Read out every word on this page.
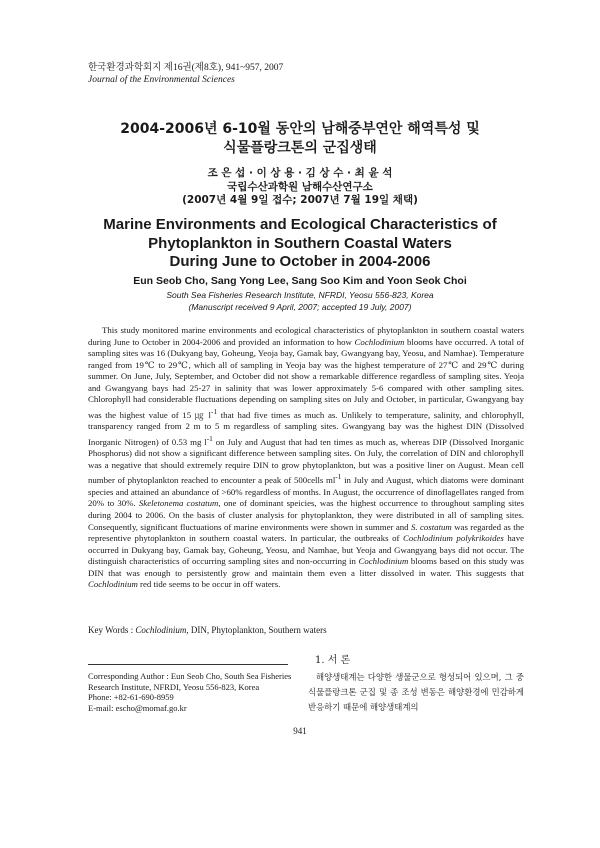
한국환경과학회지 제16권(제8호), 941~957, 2007
Journal of the Environmental Sciences
2004-2006년 6-10월 동안의 남해중부연안 해역특성 및
식물플랑크톤의 군집생태
조 은 섭 · 이 상 용 · 김 상 수 · 최 윤 석
국립수산과학원 남해수산연구소
(2007년 4월 9일 접수; 2007년 7월 19일 채택)
Marine Environments and Ecological Characteristics of
Phytoplankton in Southern Coastal Waters
During June to October in 2004-2006
Eun Seob Cho, Sang Yong Lee, Sang Soo Kim and Yoon Seok Choi
South Sea Fisheries Research Institute, NFRDI, Yeosu 556-823, Korea
(Manuscript received 9 April, 2007; accepted 19 July, 2007)
This study monitored marine environments and ecological characteristics of phytoplankton in southern coastal waters during June to October in 2004-2006 and provided an information to how Cochlodinium blooms have occurred. A total of sampling sites was 16 (Dukyang bay, Goheung, Yeoja bay, Gamak bay, Gwangyang bay, Yeosu, and Namhae). Temperature ranged from 19℃ to 29℃, which all of sampling in Yeoja bay was the highest temperature of 27℃ and 29℃ during summer. On June, July, September, and October did not show a remarkable difference regardless of sampling sites. Yeoja and Gwangyang bays had 25-27 in salinity that was lower approximately 5-6 compared with other sampling sites. Chlorophyll had considerable fluctuations depending on sampling sites on July and October, in particular, Gwangyang bay was the highest value of 15 ㎍ $l^{-1}$ that had five times as much as. Unlikely to temperature, salinity, and chlorophyll, transparency ranged from 2 m to 5 m regardless of sampling sites. Gwangyang bay was the highest DIN (Dissolved Inorganic Nitrogen) of 0.53 mg $l^{-1}$ on July and August that had ten times as much as, whereas DIP (Dissolved Inorganic Phosphorus) did not show a significant difference between sampling sites. On July, the correlation of DIN and chlorophyll was a negative that should extremely require DIN to grow phytoplankton, but was a positive liner on August. Mean cell number of phytoplankton reached to encounter a peak of 500cells $ml^{-1}$ in July and August, which diatoms were dominant species and attained an abundance of >60% regardless of months. In August, the occurrence of dinoflagellates ranged from 20% to 30%. Skeletonema costatum, one of dominant speicies, was the highest occurrence to throughout sampling sites during 2004 to 2006. On the basis of cluster analysis for phytoplankton, they were distributed in all of sampling sites. Consequently, significant fluctuations of marine environments were shown in summer and S. costatum was regarded as the representive phytoplankton in southern coastal waters. In particular, the outbreaks of Cochlodinium polykrikoides have occurred in Dukyang bay, Gamak bay, Goheung, Yeosu, and Namhae, but Yeoja and Gwangyang bays did not occur. The distinguish characteristics of occurring sampling sites and non-occurring in Cochlodinium blooms based on this study was DIN that was enough to persistently grow and maintain them even a litter dissolved in water. This suggests that Cochlodinium red tide seems to be occur in off waters.
Key Words : Cochlodinium, DIN, Phytoplankton, Southern waters
Corresponding Author : Eun Seob Cho, South Sea Fisheries
Research Institute, NFRDI, Yeosu 556-823, Korea
Phone: +82-61-690-8959
E-mail: escho@momaf.go.kr
1. 서 론
해양생태계는 다양한 생물군으로 형성되어 있으며, 그 중 식물플랑크톤 군집 및 종 조성 변동은 해양환경에 민감하게 반응하기 때문에 해양생태계의
941
